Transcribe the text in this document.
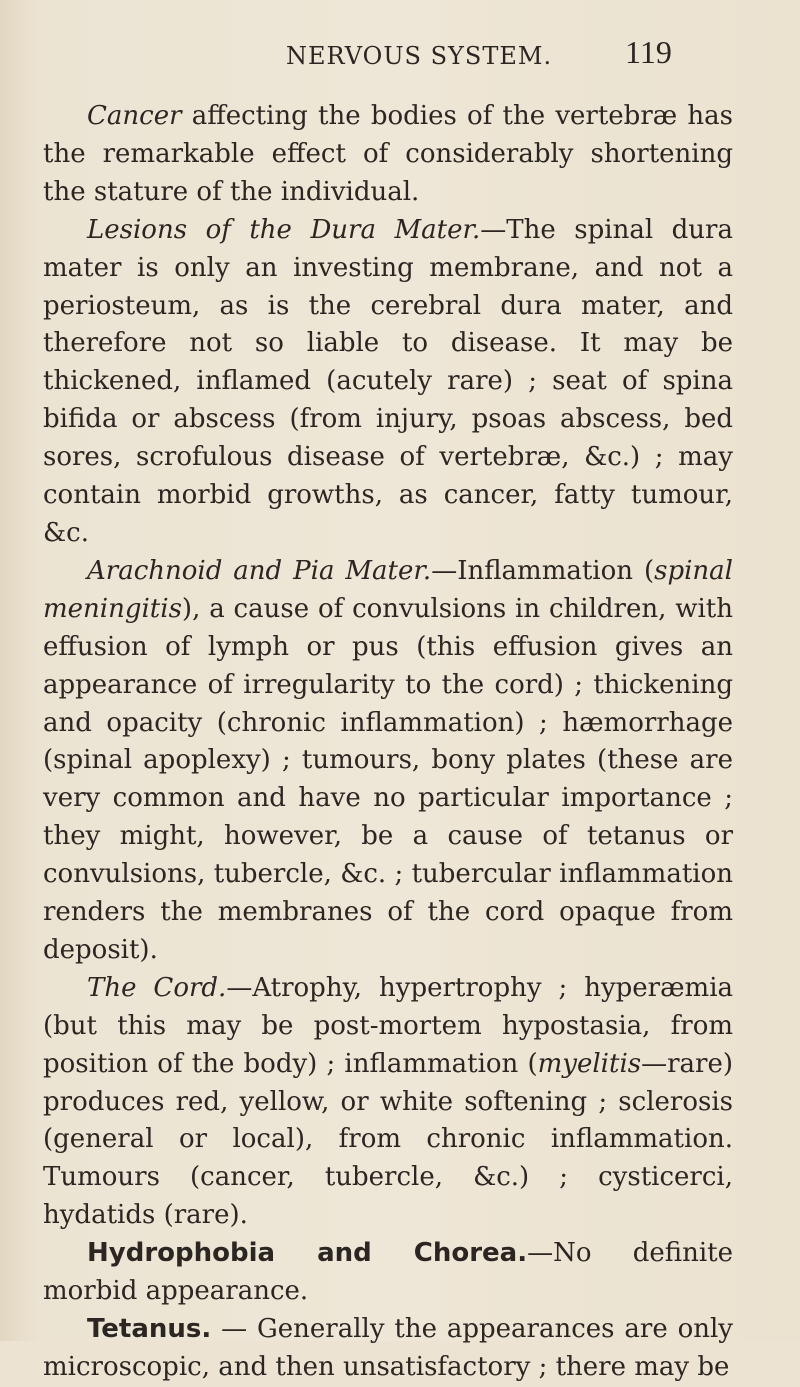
NERVOUS SYSTEM. 119

Cancer affecting the bodies of the vertebræ has the remarkable effect of considerably shortening the stature of the individual.

Lesions of the Dura Mater.—The spinal dura mater is only an investing membrane, and not a periosteum, as is the cerebral dura mater, and therefore not so liable to disease. It may be thickened, inflamed (acutely rare) ; seat of spina bifida or abscess (from injury, psoas abscess, bed sores, scrofulous disease of vertebræ, &c.) ; may contain morbid growths, as cancer, fatty tumour, &c.

Arachnoid and Pia Mater.—Inflammation (spinal meningitis), a cause of convulsions in children, with effusion of lymph or pus (this effusion gives an appearance of irregularity to the cord) ; thickening and opacity (chronic inflammation) ; hæmorrhage (spinal apoplexy) ; tumours, bony plates (these are very common and have no particular importance ; they might, however, be a cause of tetanus or convulsions, tubercle, &c. ; tubercular inflammation renders the membranes of the cord opaque from deposit).

The Cord.—Atrophy, hypertrophy ; hyperæmia (but this may be post-mortem hypostasia, from position of the body) ; inflammation (myelitis—rare) produces red, yellow, or white softening ; sclerosis (general or local), from chronic inflammation. Tumours (cancer, tubercle, &c.) ; cysticerci, hydatids (rare).

Hydrophobia and Chorea.—No definite morbid appearance.

Tetanus. — Generally the appearances are only microscopic, and then unsatisfactory ; there may be
